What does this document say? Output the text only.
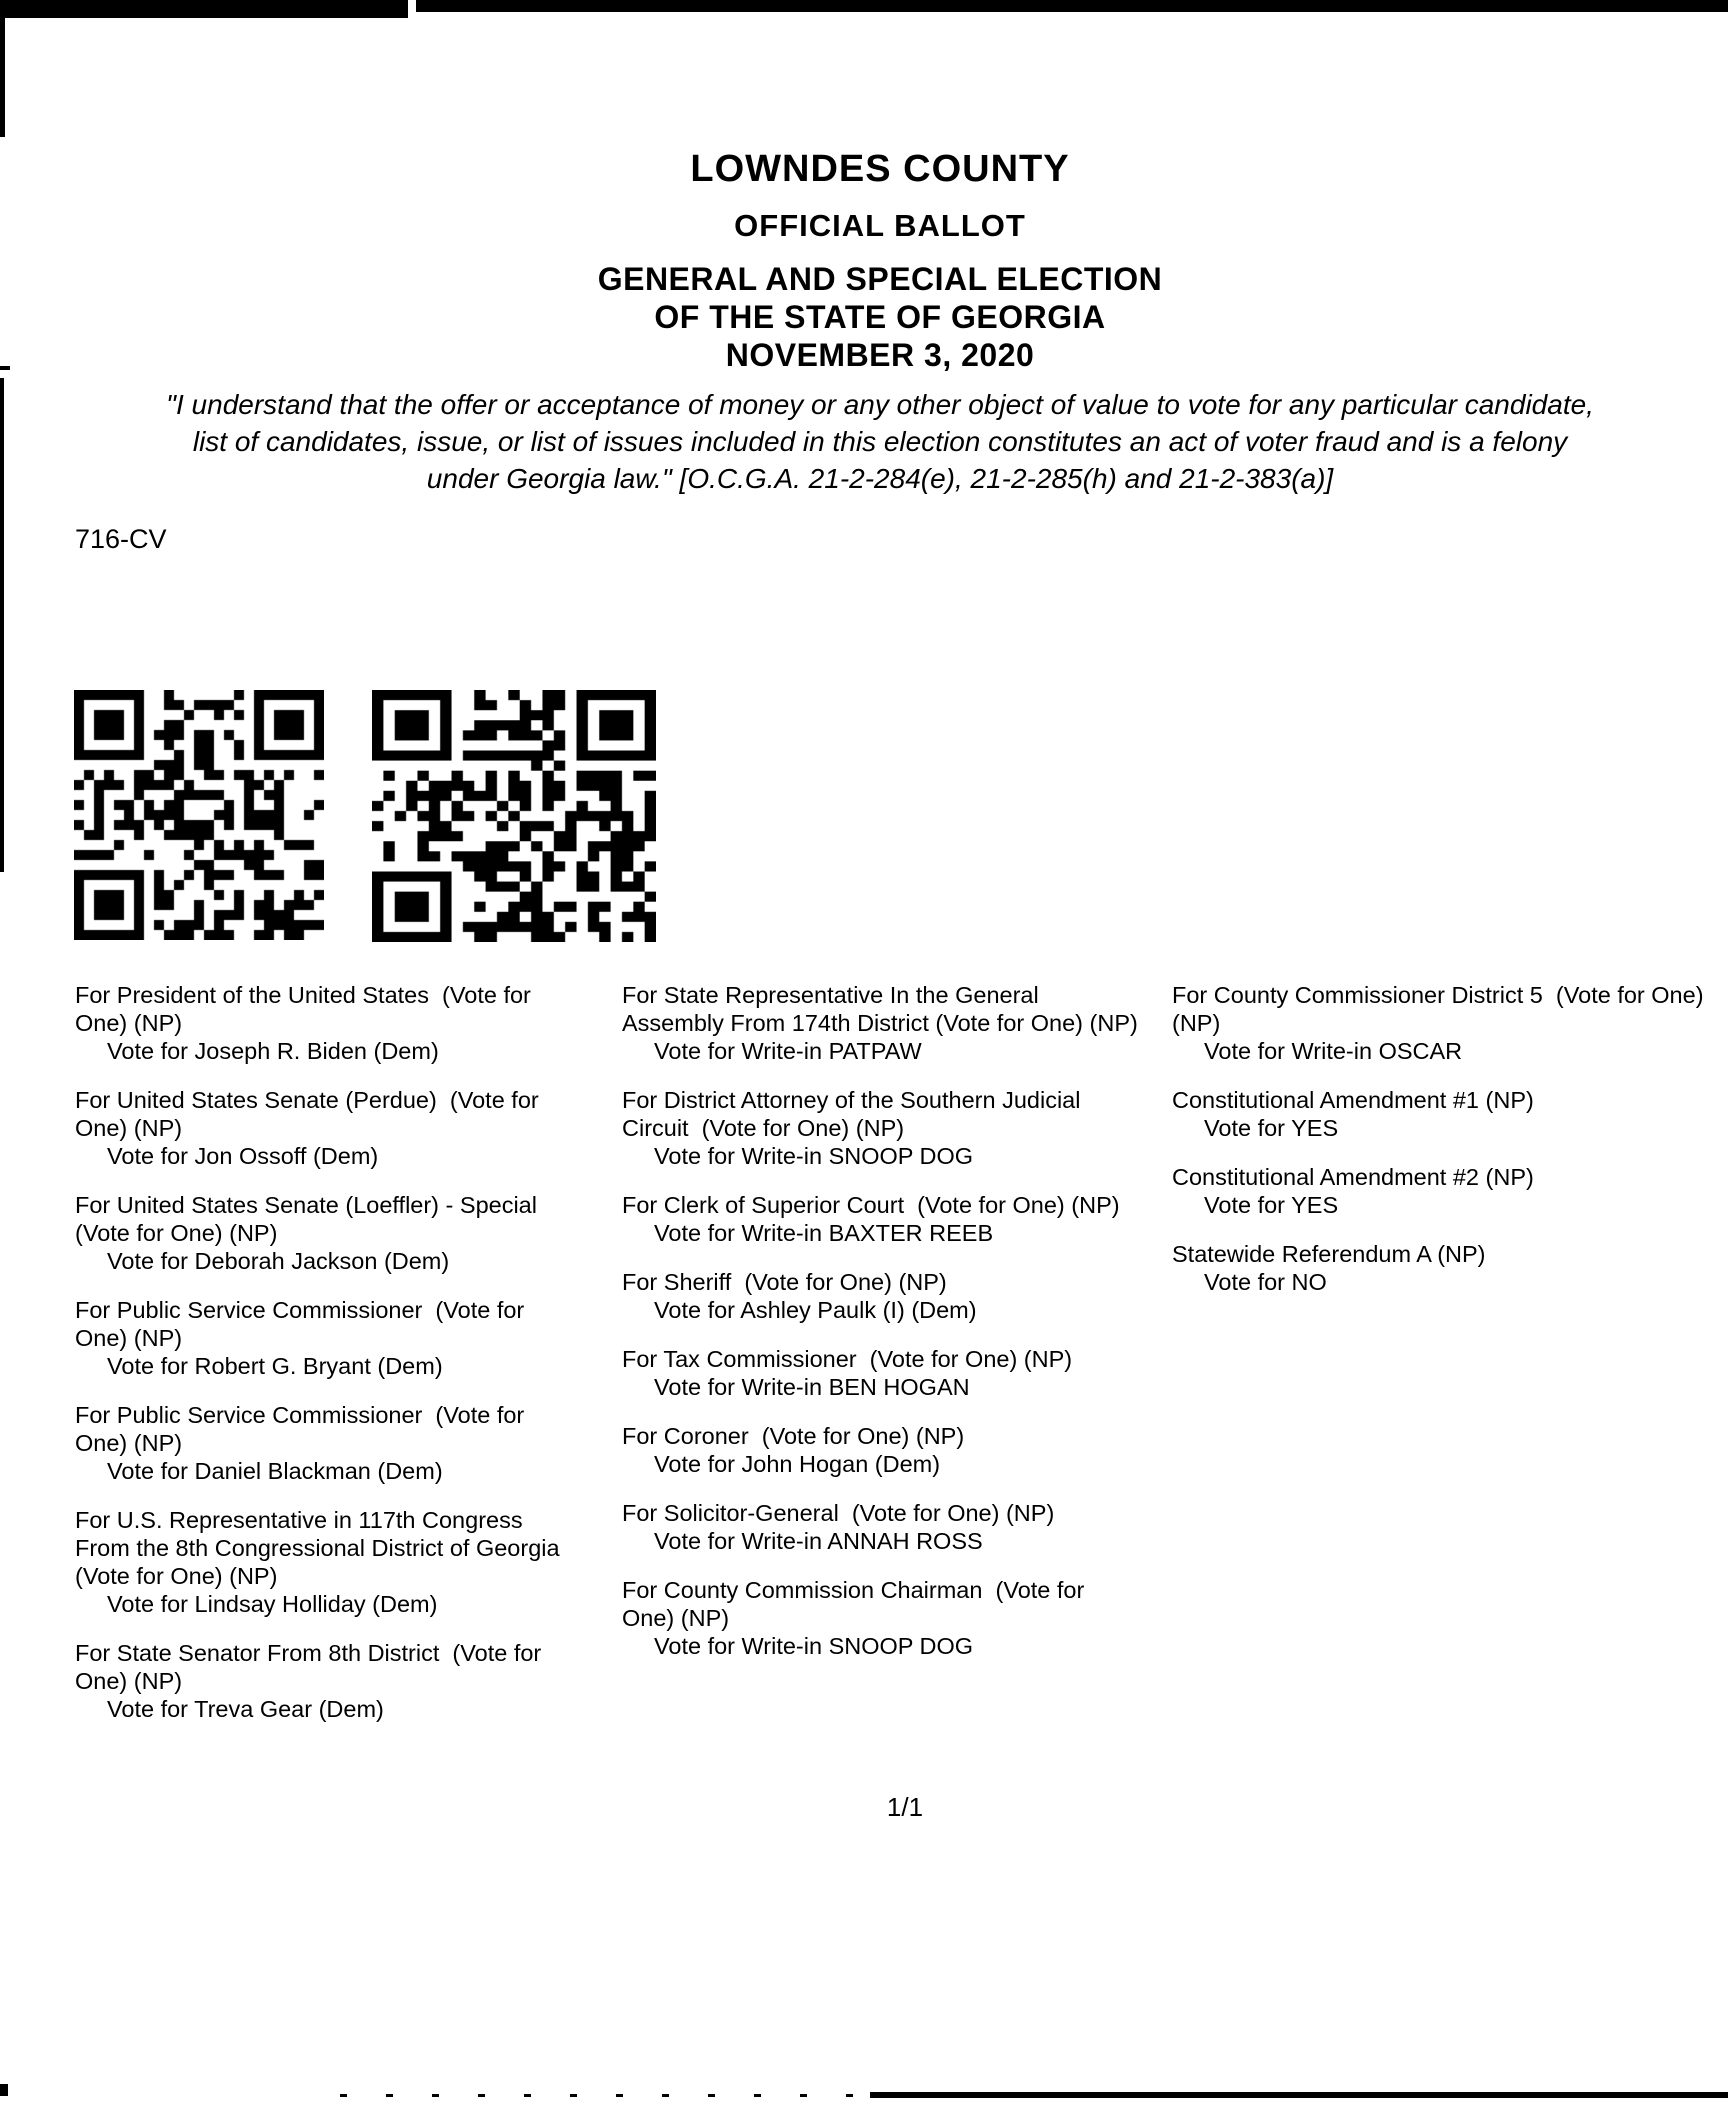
LOWNDES COUNTY
OFFICIAL BALLOT
GENERAL AND SPECIAL ELECTION
OF THE STATE OF GEORGIA
NOVEMBER 3, 2020
"I understand that the offer or acceptance of money or any other object of value to vote for any particular candidate,
list of candidates, issue, or list of issues included in this election constitutes an act of voter fraud and is a felony
under Georgia law." [O.C.G.A. 21-2-284(e), 21-2-285(h) and 21-2-383(a)]
716-CV
For President of the United States  (Vote for One) (NP)
Vote for Joseph R. Biden (Dem)
For United States Senate (Perdue)  (Vote for One) (NP)
Vote for Jon Ossoff (Dem)
For United States Senate (Loeffler) - Special  (Vote for One) (NP)
Vote for Deborah Jackson (Dem)
For Public Service Commissioner  (Vote for One) (NP)
Vote for Robert G. Bryant (Dem)
For Public Service Commissioner  (Vote for One) (NP)
Vote for Daniel Blackman (Dem)
For U.S. Representative in 117th Congress From the 8th Congressional District of Georgia (Vote for One) (NP)
Vote for Lindsay Holliday (Dem)
For State Senator From 8th District  (Vote for One) (NP)
Vote for Treva Gear (Dem)
For State Representative In the General Assembly From 174th District (Vote for One) (NP)
Vote for Write-in PATPAW
For District Attorney of the Southern Judicial Circuit  (Vote for One) (NP)
Vote for Write-in SNOOP DOG
For Clerk of Superior Court  (Vote for One) (NP)
Vote for Write-in BAXTER REEB
For Sheriff  (Vote for One) (NP)
Vote for Ashley Paulk (I) (Dem)
For Tax Commissioner  (Vote for One) (NP)
Vote for Write-in BEN HOGAN
For Coroner  (Vote for One) (NP)
Vote for John Hogan (Dem)
For Solicitor-General  (Vote for One) (NP)
Vote for Write-in ANNAH ROSS
For County Commission Chairman  (Vote for One) (NP)
Vote for Write-in SNOOP DOG
For County Commissioner District 5  (Vote for One) (NP)
Vote for Write-in OSCAR
Constitutional Amendment #1 (NP)
Vote for YES
Constitutional Amendment #2 (NP)
Vote for YES
Statewide Referendum A (NP)
Vote for NO
1/1
